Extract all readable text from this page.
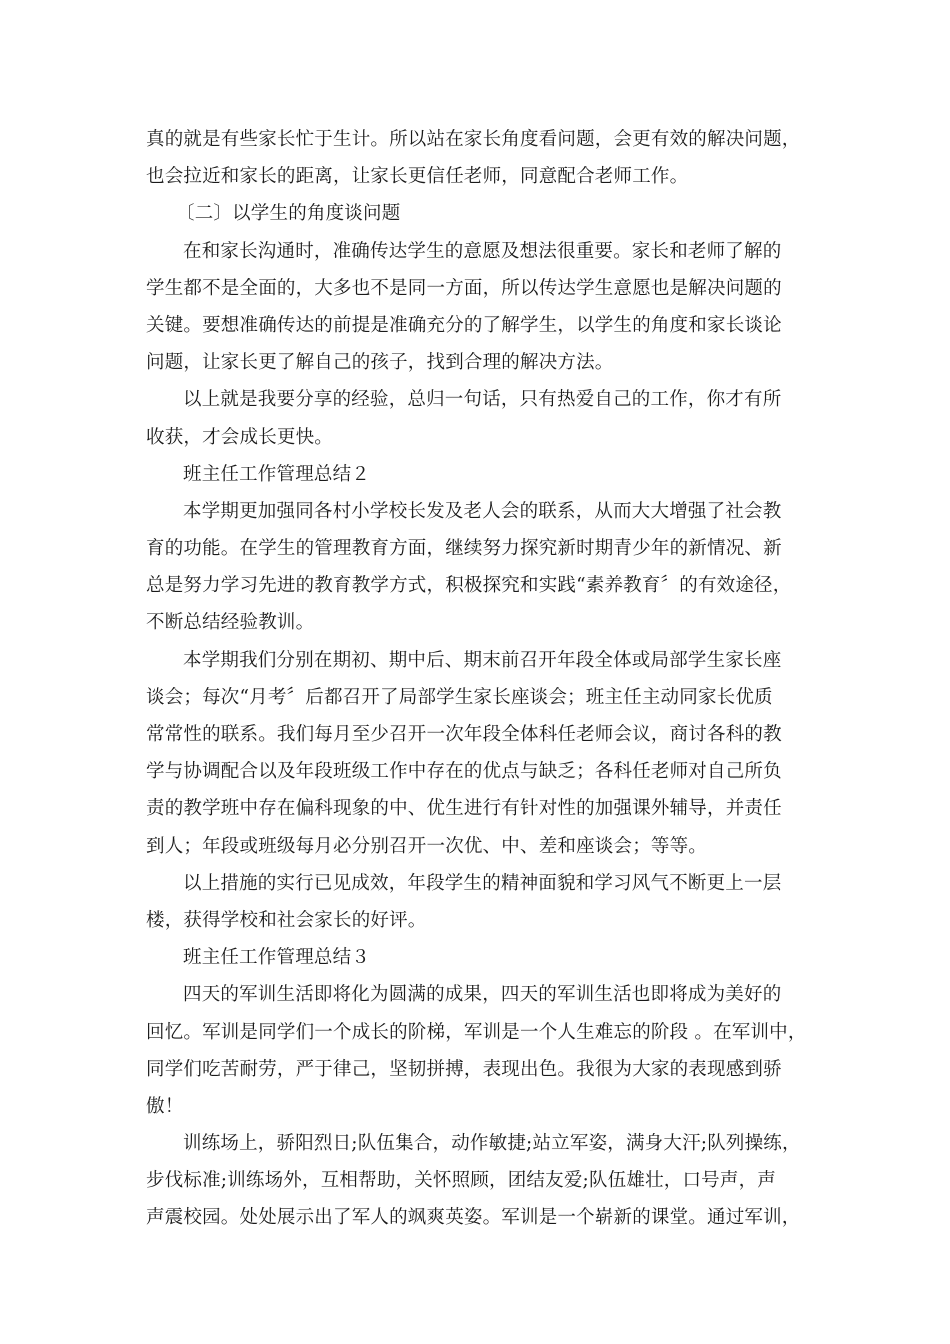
真的就是有些家长忙于生计。所以站在家长角度看问题，会更有效的解决问题，
也会拉近和家长的距离，让家长更信任老师，同意配合老师工作。
〔二〕以学生的角度谈问题
在和家长沟通时，准确传达学生的意愿及想法很重要。家长和老师了解的
学生都不是全面的，大多也不是同一方面，所以传达学生意愿也是解决问题的
关键。要想准确传达的前提是准确充分的了解学生，以学生的角度和家长谈论
问题，让家长更了解自己的孩子，找到合理的解决方法。
以上就是我要分享的经验，总归一句话，只有热爱自己的工作，你才有所
收获，才会成长更快。
班主任工作管理总结２
本学期更加强同各村小学校长发及老人会的联系，从而大大增强了社会教
育的功能。在学生的管理教育方面，继续努力探究新时期青少年的新情况、新
总是努力学习先进的教育教学方式，积极探究和实践“素养教育〞的有效途径，
不断总结经验教训。
本学期我们分别在期初、期中后、期末前召开年段全体或局部学生家长座
谈会；每次“月考〞后都召开了局部学生家长座谈会；班主任主动同家长优质
常常性的联系。我们每月至少召开一次年段全体科任老师会议，商讨各科的教
学与协调配合以及年段班级工作中存在的优点与缺乏；各科任老师对自己所负
责的教学班中存在偏科现象的中、优生进行有针对性的加强课外辅导，并责任
到人；年段或班级每月必分别召开一次优、中、差和座谈会；等等。
以上措施的实行已见成效，年段学生的精神面貌和学习风气不断更上一层
楼，获得学校和社会家长的好评。
班主任工作管理总结３
四天的军训生活即将化为圆满的成果，四天的军训生活也即将成为美好的
回忆。军训是同学们一个成长的阶梯，军训是一个人生难忘的阶段 。在军训中，
同学们吃苦耐劳，严于律己，坚韧拼搏，表现出色。我很为大家的表现感到骄
傲！
训练场上，骄阳烈日;队伍集合，动作敏捷;站立军姿，满身大汗;队列操练，
步伐标准;训练场外，互相帮助，关怀照顾，团结友爱;队伍雄壮，口号声，声
声震校园。处处展示出了军人的飒爽英姿。军训是一个崭新的课堂。通过军训，
